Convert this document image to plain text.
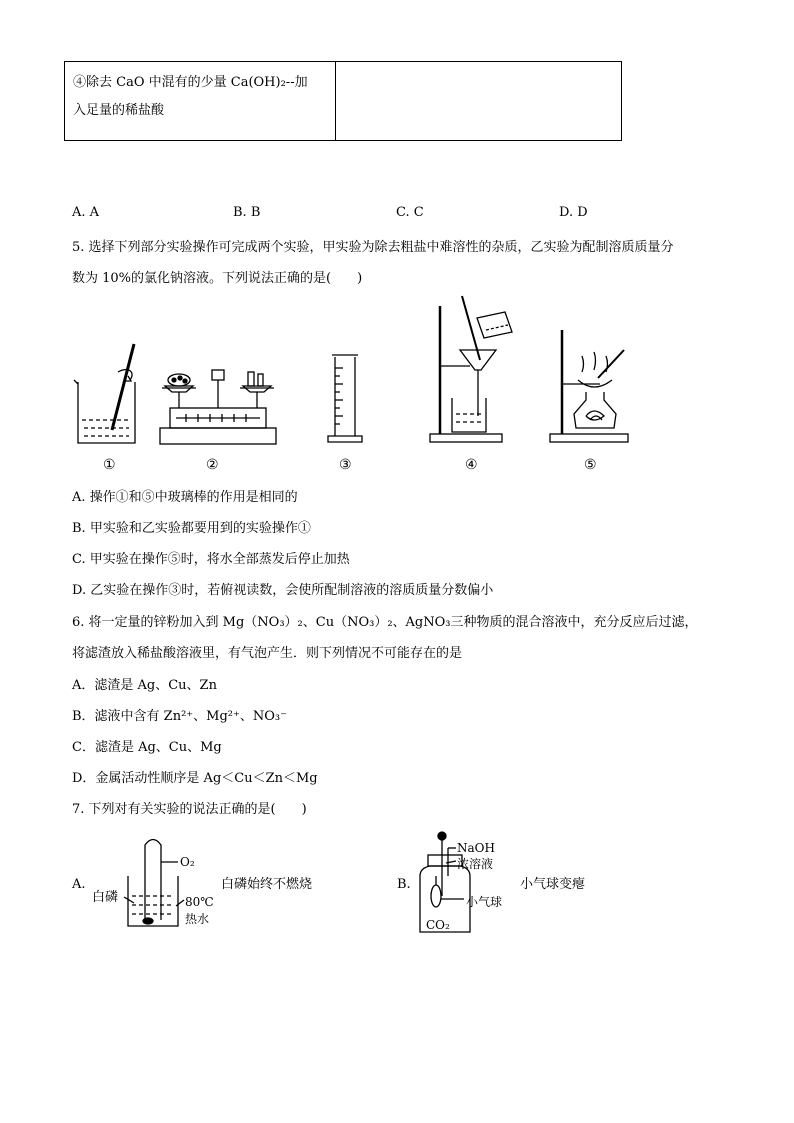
④除去 CaO 中混有的少量 Ca(OH)₂--加
入足量的稀盐酸

A. A	B. B	C. C	D. D
5. 选择下列部分实验操作可完成两个实验，甲实验为除去粗盐中难溶性的杂质，乙实验为配制溶质质量分
数为 10%的氯化钠溶液。下列说法正确的是(　　)
①	②	③	④	⑤
A. 操作①和⑤中玻璃棒的作用是相同的
B. 甲实验和乙实验都要用到的实验操作①
C. 甲实验在操作⑤时，将水全部蒸发后停止加热
D. 乙实验在操作③时，若俯视读数，会使所配制溶液的溶质质量分数偏小
6. 将一定量的锌粉加入到 Mg（NO₃）₂、Cu（NO₃）₂、AgNO₃三种物质的混合溶液中，充分反应后过滤，
将滤渣放入稀盐酸溶液里，有气泡产生．则下列情况不可能存在的是
A．滤渣是 Ag、Cu、Zn
B．滤液中含有 Zn²⁺、Mg²⁺、NO₃⁻
C．滤渣是 Ag、Cu、Mg
D．金属活动性顺序是 Ag＜Cu＜Zn＜Mg
7. 下列对有关实验的说法正确的是(　　)
A.
O₂
白磷	80℃
热水
白磷始终不燃烧	B.
NaOH
浓溶液
小气球
CO₂
小气球变瘪
